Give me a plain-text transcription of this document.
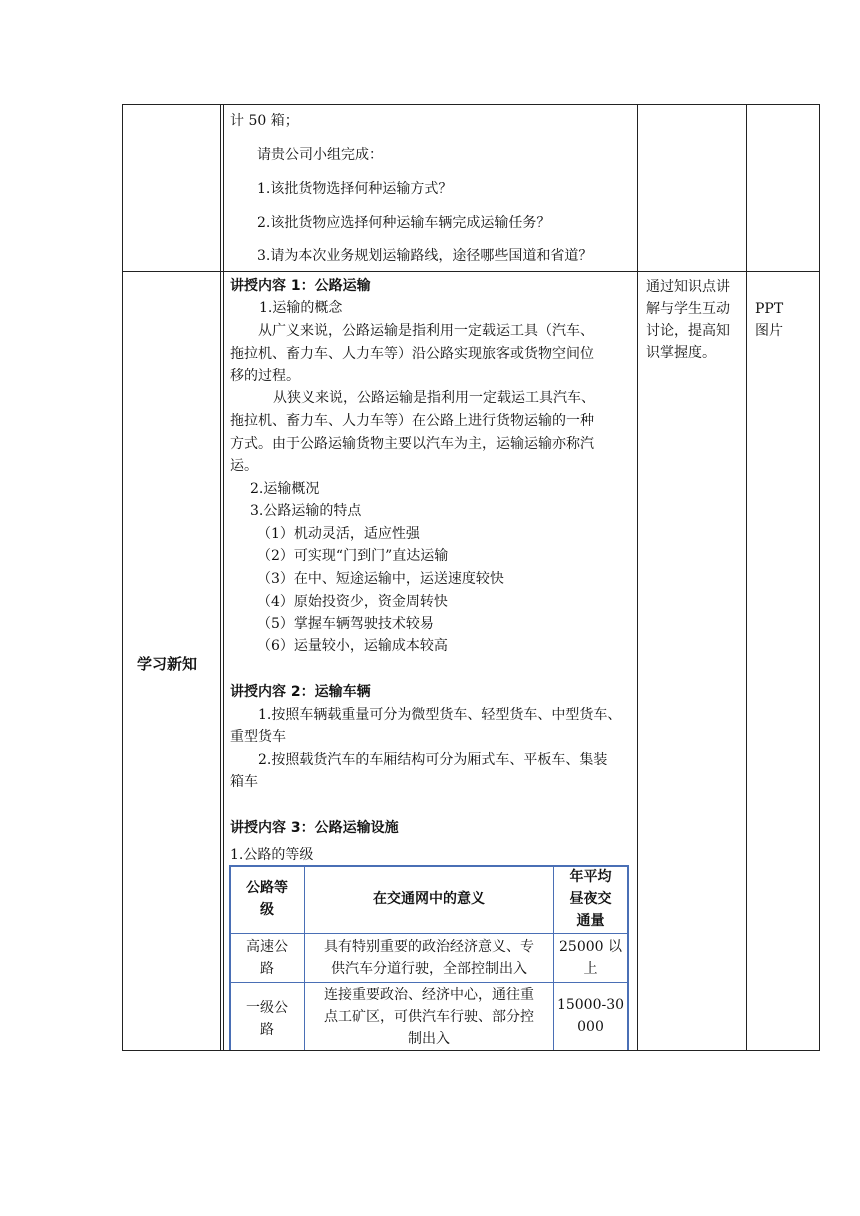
计 50 箱；
请贵公司小组完成：
1.该批货物选择何种运输方式？
2.该批货物应选择何种运输车辆完成运输任务？
3.请为本次业务规划运输路线，途径哪些国道和省道？
学习新知
讲授内容 1：公路运输
1.运输的概念
从广义来说，公路运输是指利用一定载运工具（汽车、
拖拉机、畜力车、人力车等）沿公路实现旅客或货物空间位
移的过程。
从狭义来说，公路运输是指利用一定载运工具汽车、
拖拉机、畜力车、人力车等）在公路上进行货物运输的一种
方式。由于公路运输货物主要以汽车为主，运输运输亦称汽
运。
2.运输概况
3.公路运输的特点
（1）机动灵活，适应性强
（2）可实现“门到门”直达运输
（3）在中、短途运输中，运送速度较快
（4）原始投资少，资金周转快
（5）掌握车辆驾驶技术较易
（6）运量较小，运输成本较高
讲授内容 2：运输车辆
1.按照车辆载重量可分为微型货车、轻型货车、中型货车、
重型货车
2.按照载货汽车的车厢结构可分为厢式车、平板车、集装
箱车
讲授内容 3：公路运输设施
1.公路的等级
通过知识点讲
解与学生互动
讨论，提高知
识掌握度。
PPT
图片
公路等
级
在交通网中的意义
年平均
昼夜交
通量
高速公
路
具有特别重要的政治经济意义、专
供汽车分道行驶，全部控制出入
25000 以
上
一级公
路
连接重要政治、经济中心，通往重
点工矿区，可供汽车行驶、部分控
制出入
15000-30
000
